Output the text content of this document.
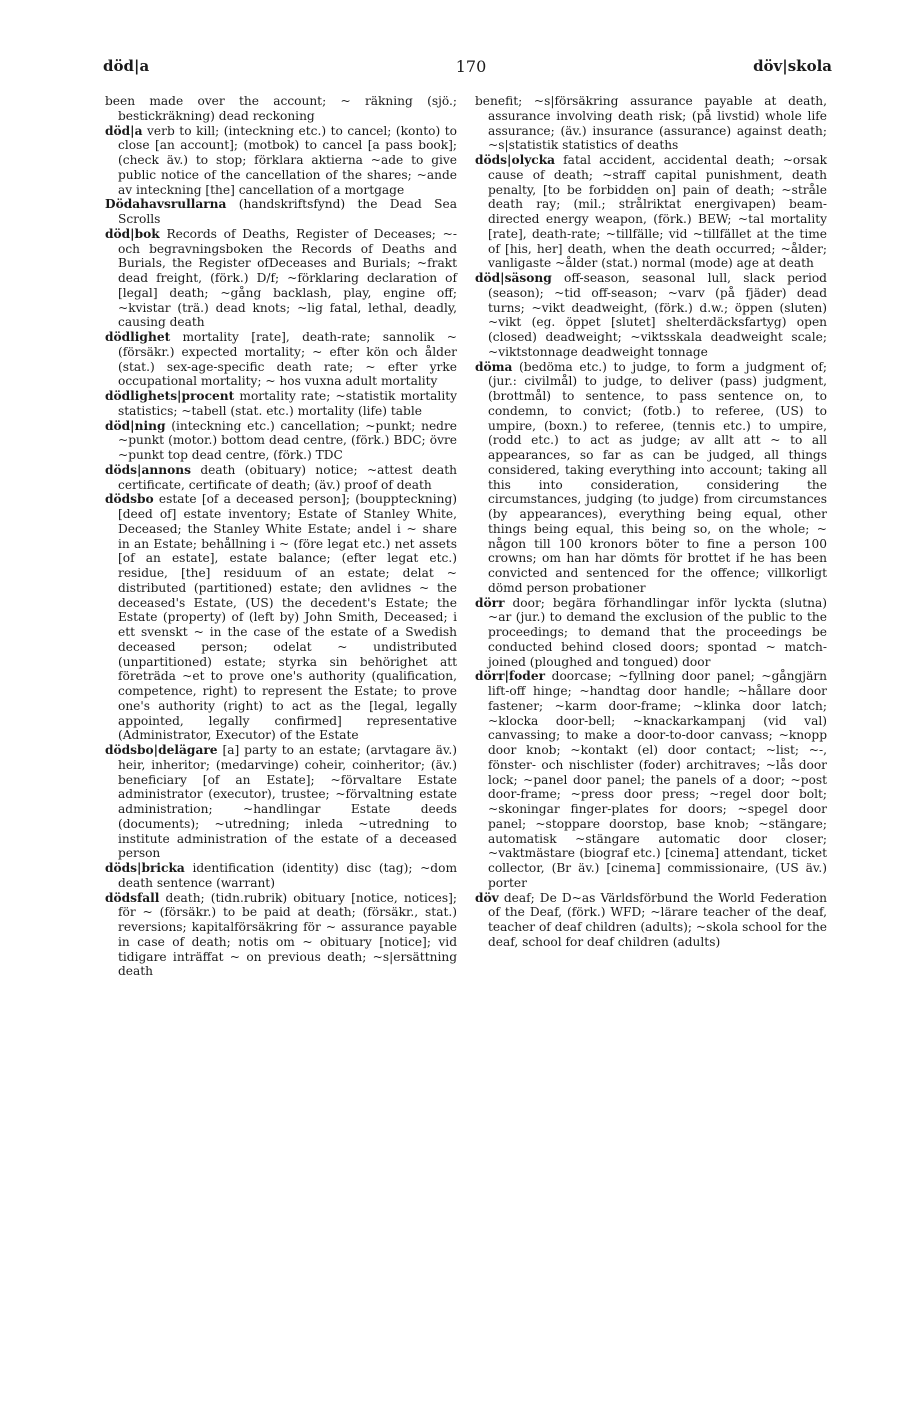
död|a	170	döv|skola

been made over the account; ~ räkning (sjö.; bestickräkning) dead reckoning

död|a verb to kill; (inteckning etc.) to cancel; (konto) to close [an account]; (motbok) to cancel [a pass book]; (check äv.) to stop; förklara aktierna ~ade to give public notice of the cancellation of the shares; ~ande av inteckning [the] cancellation of a mortgage

Dödahavsrullarna (handskriftsfynd) the Dead Sea Scrolls

död|bok Records of Deaths, Register of Deceases; ~- och begravningsboken the Records of Deaths and Burials, the Register ofDeceases and Burials; ~frakt dead freight, (förk.) D/f; ~förklaring declaration of [legal] death; ~gång backlash, play, engine off; ~kvistar (trä.) dead knots; ~lig fatal, lethal, deadly, causing death

dödlighet mortality [rate], death-rate; sannolik ~ (försäkr.) expected mortality; ~ efter kön och ålder (stat.) sex-age-specific death rate; ~ efter yrke occupational mortality; ~ hos vuxna adult mortality

dödlighets|procent mortality rate; ~statistik mortality statistics; ~tabell (stat. etc.) mortality (life) table

död|ning (inteckning etc.) cancellation; ~punkt; nedre ~punkt (motor.) bottom dead centre, (förk.) BDC; övre ~punkt top dead centre, (förk.) TDC

döds|annons death (obituary) notice; ~attest death certificate, certificate of death; (äv.) proof of death

dödsbo estate [of a deceased person]; (bouppteckning) [deed of] estate inventory; Estate of Stanley White, Deceased; the Stanley White Estate; andel i ~ share in an Estate; behållning i ~ (före legat etc.) net assets [of an estate], estate balance; (efter legat etc.) residue, [the] residuum of an estate; delat ~ distributed (partitioned) estate; den avlidnes ~ the deceased's Estate, (US) the decedent's Estate; the Estate (property) of (left by) John Smith, Deceased; i ett svenskt ~ in the case of the estate of a Swedish deceased person; odelat ~ undistributed (unpartitioned) estate; styrka sin behörighet att företräda ~et to prove one's authority (qualification, competence, right) to represent the Estate; to prove one's authority (right) to act as the [legal, legally appointed, legally confirmed] representative (Administrator, Executor) of the Estate

dödsbo|delägare [a] party to an estate; (arvtagare äv.) heir, inheritor; (medarvinge) coheir, coinheritor; (äv.) beneficiary [of an Estate]; ~förvaltare Estate administrator (executor), trustee; ~förvaltning estate administration; ~handlingar Estate deeds (documents); ~utredning; inleda ~utredning to institute administration of the estate of a deceased person

döds|bricka identification (identity) disc (tag); ~dom death sentence (warrant)

dödsfall death; (tidn.rubrik) obituary [notice, notices]; för ~ (försäkr.) to be paid at death; (försäkr., stat.) reversions; kapitalförsäkring för ~ assurance payable in case of death; notis om ~ obituary [notice]; vid tidigare inträffat ~ on previous death; ~s|ersättning death

benefit; ~s|försäkring assurance payable at death, assurance involving death risk; (på livstid) whole life assurance; (äv.) insurance (assurance) against death; ~s|statistik statistics of deaths

döds|olycka fatal accident, accidental death; ~orsak cause of death; ~straff capital punishment, death penalty, [to be forbidden on] pain of death; ~stråle death ray; (mil.; strålriktat energivapen) beam-directed energy weapon, (förk.) BEW; ~tal mortality [rate], death-rate; ~tillfälle; vid ~tillfället at the time of [his, her] death, when the death occurred; ~ålder; vanligaste ~ålder (stat.) normal (mode) age at death

död|säsong off-season, seasonal lull, slack period (season); ~tid off-season; ~varv (på fjäder) dead turns; ~vikt deadweight, (förk.) d.w.; öppen (sluten) ~vikt (eg. öppet [slutet] shelterdäcksfartyg) open (closed) deadweight; ~viktsskala deadweight scale; ~viktstonnage deadweight tonnage

döma (bedöma etc.) to judge, to form a judgment of; (jur.: civilmål) to judge, to deliver (pass) judgment, (brottmål) to sentence, to pass sentence on, to condemn, to convict; (fotb.) to referee, (US) to umpire, (boxn.) to referee, (tennis etc.) to umpire, (rodd etc.) to act as judge; av allt att ~ to all appearances, so far as can be judged, all things considered, taking everything into account; taking all this into consideration, considering the circumstances, judging (to judge) from circumstances (by appearances), everything being equal, other things being equal, this being so, on the whole; ~ någon till 100 kronors böter to fine a person 100 crowns; om han har dömts för brottet if he has been convicted and sentenced for the offence; villkorligt dömd person probationer

dörr door; begära förhandlingar inför lyckta (slutna) ~ar (jur.) to demand the exclusion of the public to the proceedings; to demand that the proceedings be conducted behind closed doors; spontad ~ match-joined (ploughed and tongued) door

dörr|foder doorcase; ~fyllning door panel; ~gångjärn lift-off hinge; ~handtag door handle; ~hållare door fastener; ~karm door-frame; ~klinka door latch; ~klocka door-bell; ~knackarkampanj (vid val) canvassing; to make a door-to-door canvass; ~knopp door knob; ~kontakt (el) door contact; ~list; ~-, fönster- och nischlister (foder) architraves; ~lås door lock; ~panel door panel; the panels of a door; ~post door-frame; ~press door press; ~regel door bolt; ~skoningar finger-plates for doors; ~spegel door panel; ~stoppare doorstop, base knob; ~stängare; automatisk ~stängare automatic door closer; ~vaktmästare (biograf etc.) [cinema] attendant, ticket collector, (Br äv.) [cinema] commissionaire, (US äv.) porter

döv deaf; De D~as Världsförbund the World Federation of the Deaf, (förk.) WFD; ~lärare teacher of the deaf, teacher of deaf children (adults); ~skola school for the deaf, school for deaf children (adults)
